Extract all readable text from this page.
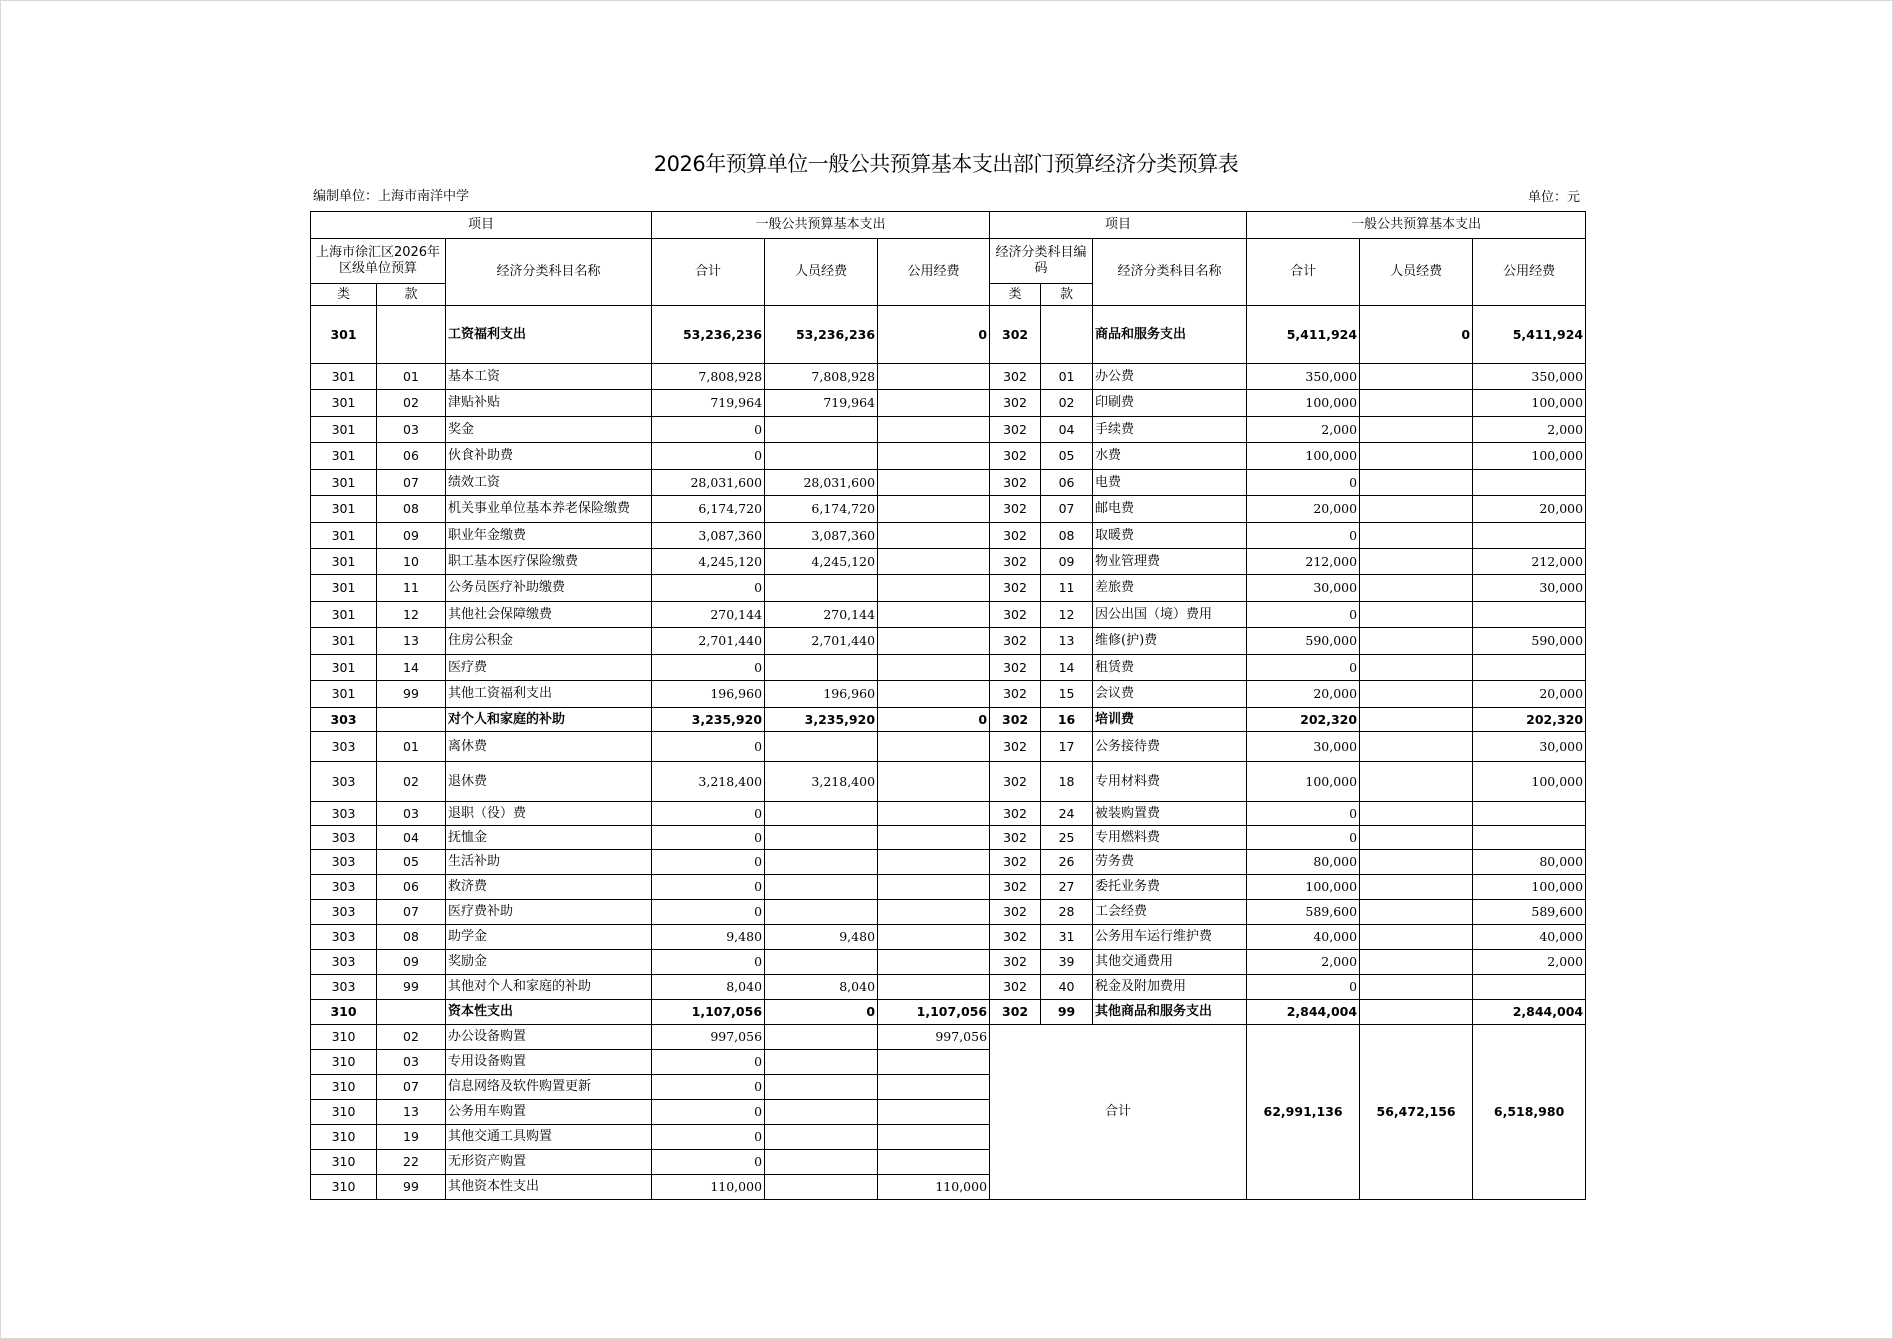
2026年预算单位一般公共预算基本支出部门预算经济分类预算表
编制单位：上海市南洋中学	单位：元
项目			一般公共预算基本支出			项目			一般公共预算基本支出		
上海市徐汇区2026年区级单位预算		经济分类科目名称	合计	人员经费	公用经费	经济分类科目编码		经济分类科目名称	合计	人员经费	公用经费
类	款					类	款				
301		工资福利支出	53,236,236	53,236,236	0	302		商品和服务支出	5,411,924	0	5,411,924
301	01	基本工资	7,808,928	7,808,928		302	01	办公费	350,000		350,000
301	02	津贴补贴	719,964	719,964		302	02	印刷费	100,000		100,000
301	03	奖金	0			302	04	手续费	2,000		2,000
301	06	伙食补助费	0			302	05	水费	100,000		100,000
301	07	绩效工资	28,031,600	28,031,600		302	06	电费	0		
301	08	机关事业单位基本养老保险缴费	6,174,720	6,174,720		302	07	邮电费	20,000		20,000
301	09	职业年金缴费	3,087,360	3,087,360		302	08	取暖费	0		
301	10	职工基本医疗保险缴费	4,245,120	4,245,120		302	09	物业管理费	212,000		212,000
301	11	公务员医疗补助缴费	0			302	11	差旅费	30,000		30,000
301	12	其他社会保障缴费	270,144	270,144		302	12	因公出国（境）费用	0		
301	13	住房公积金	2,701,440	2,701,440		302	13	维修(护)费	590,000		590,000
301	14	医疗费	0			302	14	租赁费	0		
301	99	其他工资福利支出	196,960	196,960		302	15	会议费	20,000		20,000
303		对个人和家庭的补助	3,235,920	3,235,920	0	302	16	培训费	202,320		202,320
303	01	离休费	0			302	17	公务接待费	30,000		30,000
303	02	退休费	3,218,400	3,218,400		302	18	专用材料费	100,000		100,000
303	03	退职（役）费	0			302	24	被装购置费	0		
303	04	抚恤金	0			302	25	专用燃料费	0		
303	05	生活补助	0			302	26	劳务费	80,000		80,000
303	06	救济费	0			302	27	委托业务费	100,000		100,000
303	07	医疗费补助	0			302	28	工会经费	589,600		589,600
303	08	助学金	9,480	9,480		302	31	公务用车运行维护费	40,000		40,000
303	09	奖励金	0			302	39	其他交通费用	2,000		2,000
303	99	其他对个人和家庭的补助	8,040	8,040		302	40	税金及附加费用	0		
310		资本性支出	1,107,056	0	1,107,056	302	99	其他商品和服务支出	2,844,004		2,844,004
310	02	办公设备购置	997,056		997,056	合计			62,991,136	56,472,156	6,518,980
310	03	专用设备购置	0								
310	07	信息网络及软件购置更新	0								
310	13	公务用车购置	0								
310	19	其他交通工具购置	0								
310	22	无形资产购置	0								
310	99	其他资本性支出	110,000		110,000						
